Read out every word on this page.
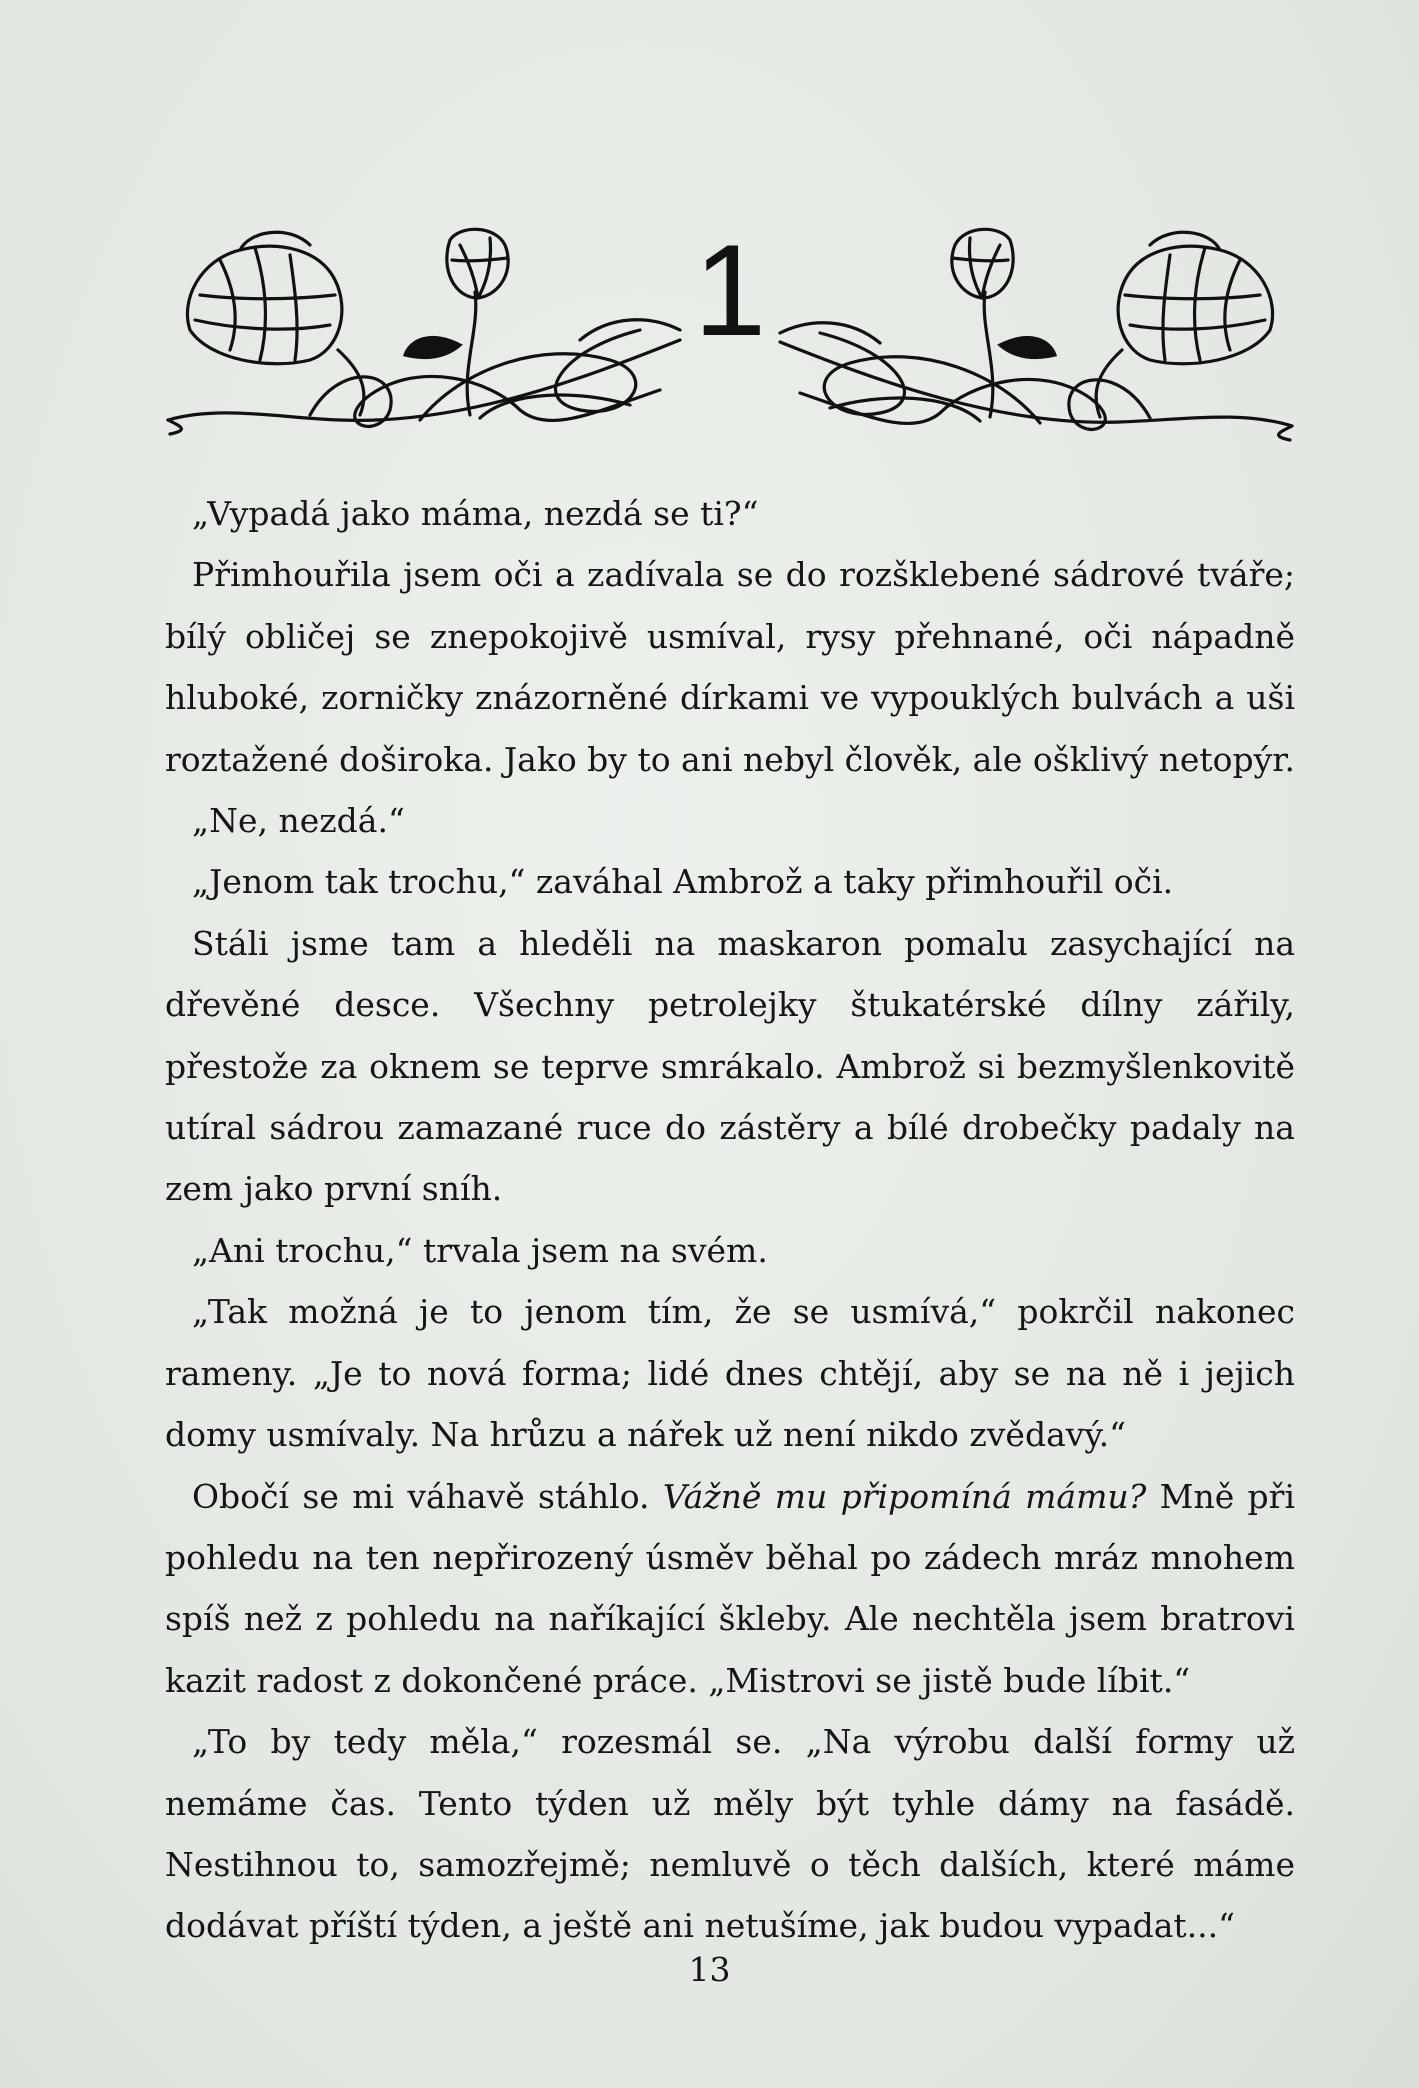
1

„Vypadá jako máma, nezdá se ti?“

Přimhouřila jsem oči a zadívala se do rozšklebené sádrové tváře; bílý obličej se znepokojivě usmíval, rysy přehnané, oči nápadně hluboké, zorničky znázorněné dírkami ve vypouklých bulvách a uši roztažené doširoka. Jako by to ani nebyl člověk, ale ošklivý netopýr.

„Ne, nezdá.“

„Jenom tak trochu,“ zaváhal Ambrož a taky přimhouřil oči.

Stáli jsme tam a hleděli na maskaron pomalu zasychající na dřevěné desce. Všechny petrolejky štukatérské dílny zářily, přestože za oknem se teprve smrákalo. Ambrož si bezmyšlenkovitě utíral sádrou zamazané ruce do zástěry a bílé drobečky padaly na zem jako první sníh.

„Ani trochu,“ trvala jsem na svém.

„Tak možná je to jenom tím, že se usmívá,“ pokrčil nakonec rameny. „Je to nová forma; lidé dnes chtějí, aby se na ně i jejich domy usmívaly. Na hrůzu a nářek už není nikdo zvědavý.“

Obočí se mi váhavě stáhlo. Vážně mu připomíná mámu? Mně při pohledu na ten nepřirozený úsměv běhal po zádech mráz mnohem spíš než z pohledu na naříkající škleby. Ale nechtěla jsem bratrovi kazit radost z dokončené práce. „Mistrovi se jistě bude líbit.“

„To by tedy měla,“ rozesmál se. „Na výrobu další formy už nemáme čas. Tento týden už měly být tyhle dámy na fasádě. Nestihnou to, samozřejmě; nemluvě o těch dalších, které máme dodávat příští týden, a ještě ani netušíme, jak budou vypadat...“

13
